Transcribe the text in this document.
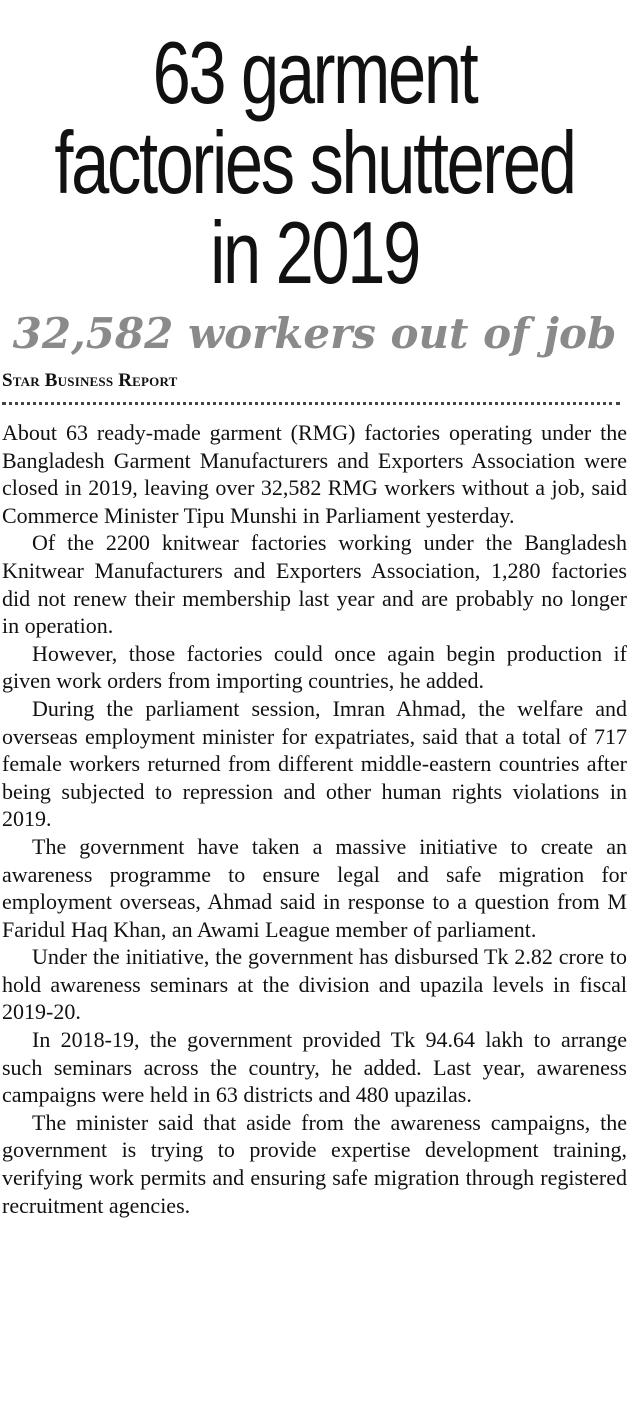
63 garment
factories shuttered
in 2019
32,582 workers out of job
Star Business Report

About 63 ready-made garment (RMG) factories operating under the Bangladesh Garment Manufacturers and Exporters Association were closed in 2019, leaving over 32,582 RMG workers without a job, said Commerce Minister Tipu Munshi in Parliament yesterday.

Of the 2200 knitwear factories working under the Bangladesh Knitwear Manufacturers and Exporters Association, 1,280 factories did not renew their membership last year and are probably no longer in operation.

However, those factories could once again begin production if given work orders from importing countries, he added.

During the parliament session, Imran Ahmad, the welfare and overseas employment minister for expatriates, said that a total of 717 female workers returned from different middle-eastern countries after being subjected to repression and other human rights violations in 2019.

The government have taken a massive initiative to create an awareness programme to ensure legal and safe migration for employment overseas, Ahmad said in response to a question from M Faridul Haq Khan, an Awami League member of parliament.

Under the initiative, the government has disbursed Tk 2.82 crore to hold awareness seminars at the division and upazila levels in fiscal 2019-20.

In 2018-19, the government provided Tk 94.64 lakh to arrange such seminars across the country, he added. Last year, awareness campaigns were held in 63 districts and 480 upazilas.

The minister said that aside from the awareness campaigns, the government is trying to provide expertise development training, verifying work permits and ensuring safe migration through registered recruitment agencies.
